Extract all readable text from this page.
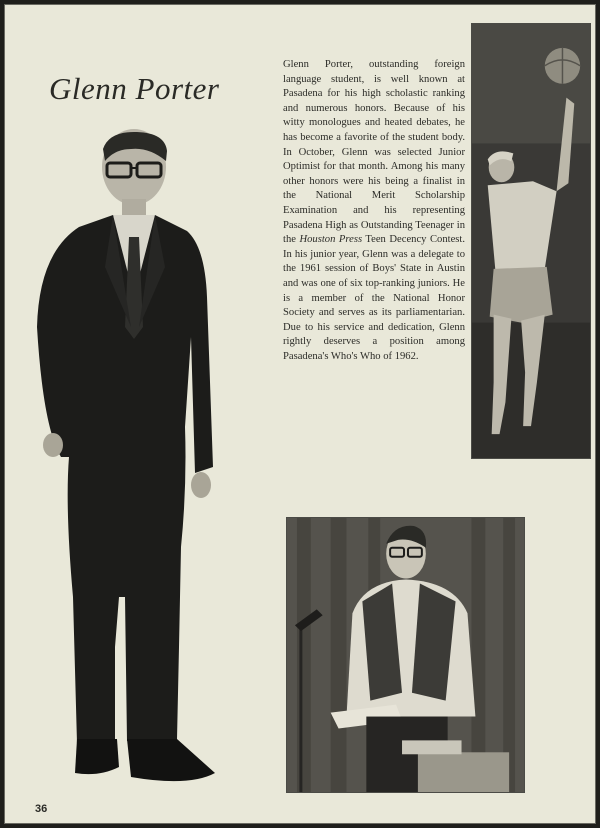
Glenn Porter
Glenn Porter, outstanding foreign language student, is well known at Pasadena for his high scholastic ranking and numerous honors. Because of his witty monologues and heated debates, he has become a favorite of the student body. In October, Glenn was selected Junior Optimist for that month. Among his many other honors were his being a finalist in the National Merit Scholarship Examination and his representing Pasadena High as Outstanding Teenager in the Houston Press Teen Decency Contest. In his junior year, Glenn was a delegate to the 1961 session of Boys' State in Austin and was one of six top-ranking juniors. He is a member of the National Honor Society and serves as its parliamentarian. Due to his service and dedication, Glenn rightly deserves a position among Pasadena's Who's Who of 1962.
36
